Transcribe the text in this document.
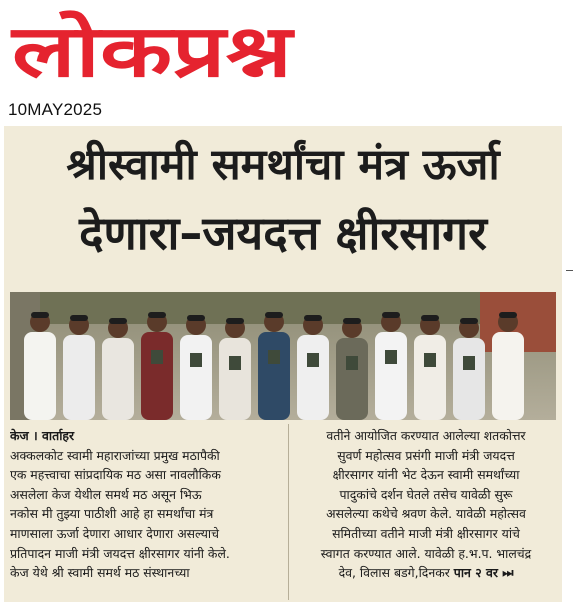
लोकप्रश्न
10MAY2025
श्रीस्वामी समर्थांचा मंत्र ऊर्जा
देणारा–जयदत्त क्षीरसागर
केज । वार्ताहर
अक्कलकोट स्वामी महाराजांच्या प्रमुख मठापैकी
एक महत्त्वाचा सांप्रदायिक मठ असा नावलौकिक
असलेला केज येथील समर्थ मठ असून भिऊ
नकोस मी तुझ्या पाठीशी आहे हा समर्थांचा मंत्र
माणसाला ऊर्जा देणारा आधार देणारा असल्याचे
प्रतिपादन माजी मंत्री जयदत्त क्षीरसागर यांनी केले.
केज येथे श्री स्वामी समर्थ मठ संस्थानच्या
वतीने आयोजित करण्यात आलेल्या शतकोत्तर
सुवर्ण महोत्सव प्रसंगी माजी मंत्री जयदत्त
क्षीरसागर यांनी भेट देऊन स्वामी समर्थांच्या
पादुकांचे दर्शन घेतले तसेच यावेळी सुरू
असलेल्या कथेचे श्रवण केले. यावेळी महोत्सव
समितीच्या वतीने माजी मंत्री क्षीरसागर यांचे
स्वागत करण्यात आले. यावेळी ह.भ.प. भालचंद्र
देव, विलास बडगे,दिनकर पान २ वर ⏭
